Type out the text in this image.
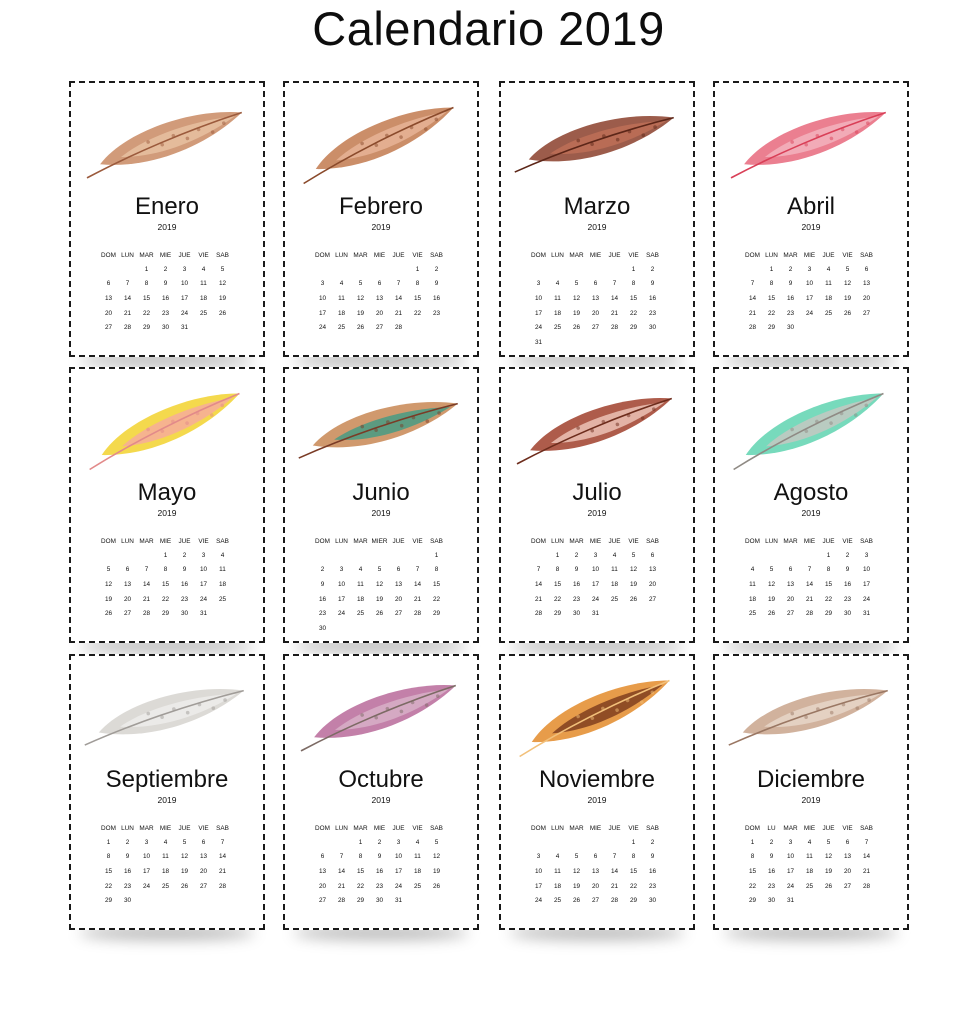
Calendario 2019
Enero
2019
DOM	LUN	MAR	MIE	JUE	VIE	SAB
		1	2	3	4	5
6	7	8	9	10	11	12
13	14	15	16	17	18	19
20	21	22	23	24	25	26
27	28	29	30	31		
Febrero
2019
DOM	LUN	MAR	MIE	JUE	VIE	SAB
					1	2
3	4	5	6	7	8	9
10	11	12	13	14	15	16
17	18	19	20	21	22	23
24	25	26	27	28		
Marzo
2019
DOM	LUN	MAR	MIE	JUE	VIE	SAB
					1	2
3	4	5	6	7	8	9
10	11	12	13	14	15	16
17	18	19	20	21	22	23
24	25	26	27	28	29	30
31						
Abril
2019
DOM	LUN	MAR	MIE	JUE	VIE	SAB
	1	2	3	4	5	6
7	8	9	10	11	12	13
14	15	16	17	18	19	20
21	22	23	24	25	26	27
28	29	30				
Mayo
2019
DOM	LUN	MAR	MIE	JUE	VIE	SAB
			1	2	3	4
5	6	7	8	9	10	11
12	13	14	15	16	17	18
19	20	21	22	23	24	25
26	27	28	29	30	31	
Junio
2019
DOM	LUN	MAR	MIER	JUE	VIE	SAB
						1
2	3	4	5	6	7	8
9	10	11	12	13	14	15
16	17	18	19	20	21	22
23	24	25	26	27	28	29
30						
Julio
2019
DOM	LUN	MAR	MIE	JUE	VIE	SAB
	1	2	3	4	5	6
7	8	9	10	11	12	13
14	15	16	17	18	19	20
21	22	23	24	25	26	27
28	29	30	31			
Agosto
2019
DOM	LUN	MAR	MIE	JUE	VIE	SAB
				1	2	3
4	5	6	7	8	9	10
11	12	13	14	15	16	17
18	19	20	21	22	23	24
25	26	27	28	29	30	31
Septiembre
2019
DOM	LUN	MAR	MIE	JUE	VIE	SAB
1	2	3	4	5	6	7
8	9	10	11	12	13	14
15	16	17	18	19	20	21
22	23	24	25	26	27	28
29	30					
Octubre
2019
DOM	LUN	MAR	MIE	JUE	VIE	SAB
		1	2	3	4	5
6	7	8	9	10	11	12
13	14	15	16	17	18	19
20	21	22	23	24	25	26
27	28	29	30	31		
Noviembre
2019
DOM	LUN	MAR	MIE	JUE	VIE	SAB
					1	2
3	4	5	6	7	8	9
10	11	12	13	14	15	16
17	18	19	20	21	22	23
24	25	26	27	28	29	30
Diciembre
2019
DOM	LU	MAR	MIE	JUE	VIE	SAB
1	2	3	4	5	6	7
8	9	10	11	12	13	14
15	16	17	18	19	20	21
22	23	24	25	26	27	28
29	30	31				
